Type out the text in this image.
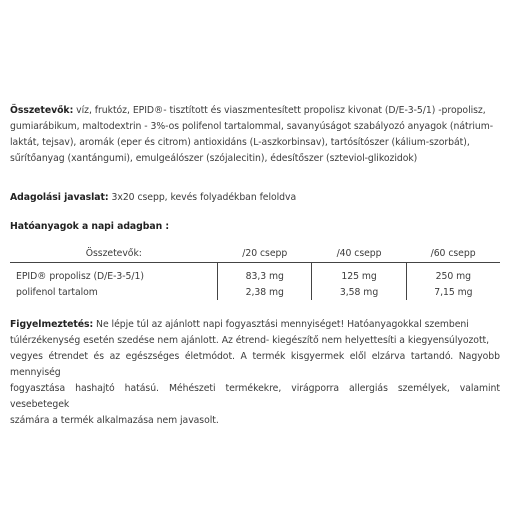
Összetevők: víz, fruktóz, EPID®- tisztított és viaszmentesített propolisz kivonat (D/E-3-5/1) -propolisz,
gumiarábikum, maltodextrin - 3%-os polifenol tartalommal, savanyúságot szabályozó anyagok (nátrium-
laktát, tejsav), aromák (eper és citrom) antioxidáns (L-aszkorbinsav), tartósítószer (kálium-szorbát),
sűrítőanyag (xantángumi), emulgeálószer (szójalecitin), édesítőszer (szteviol-glikozidok)

Adagolási javaslat: 3x20 csepp, kevés folyadékban feloldva

Hatóanyagok a napi adagban :

Összetevők:	/20 csepp	/40 csepp	/60 csepp
EPID® propolisz (D/E-3-5/1)	83,3 mg	125 mg	250 mg
polifenol tartalom	2,38 mg	3,58 mg	7,15 mg

Figyelmeztetés: Ne lépje túl az ajánlott napi fogyasztási mennyiséget! Hatóanyagokkal szembeni
túlérzékenység esetén szedése nem ajánlott. Az étrend- kiegészítő nem helyettesíti a kiegyensúlyozott,
vegyes étrendet és az egészséges életmódot. A termék kisgyermek elől elzárva tartandó. Nagyobb mennyiség
fogyasztása hashajtó hatású. Méhészeti termékekre, virágporra allergiás személyek, valamint vesebetegek
számára a termék alkalmazása nem javasolt.
